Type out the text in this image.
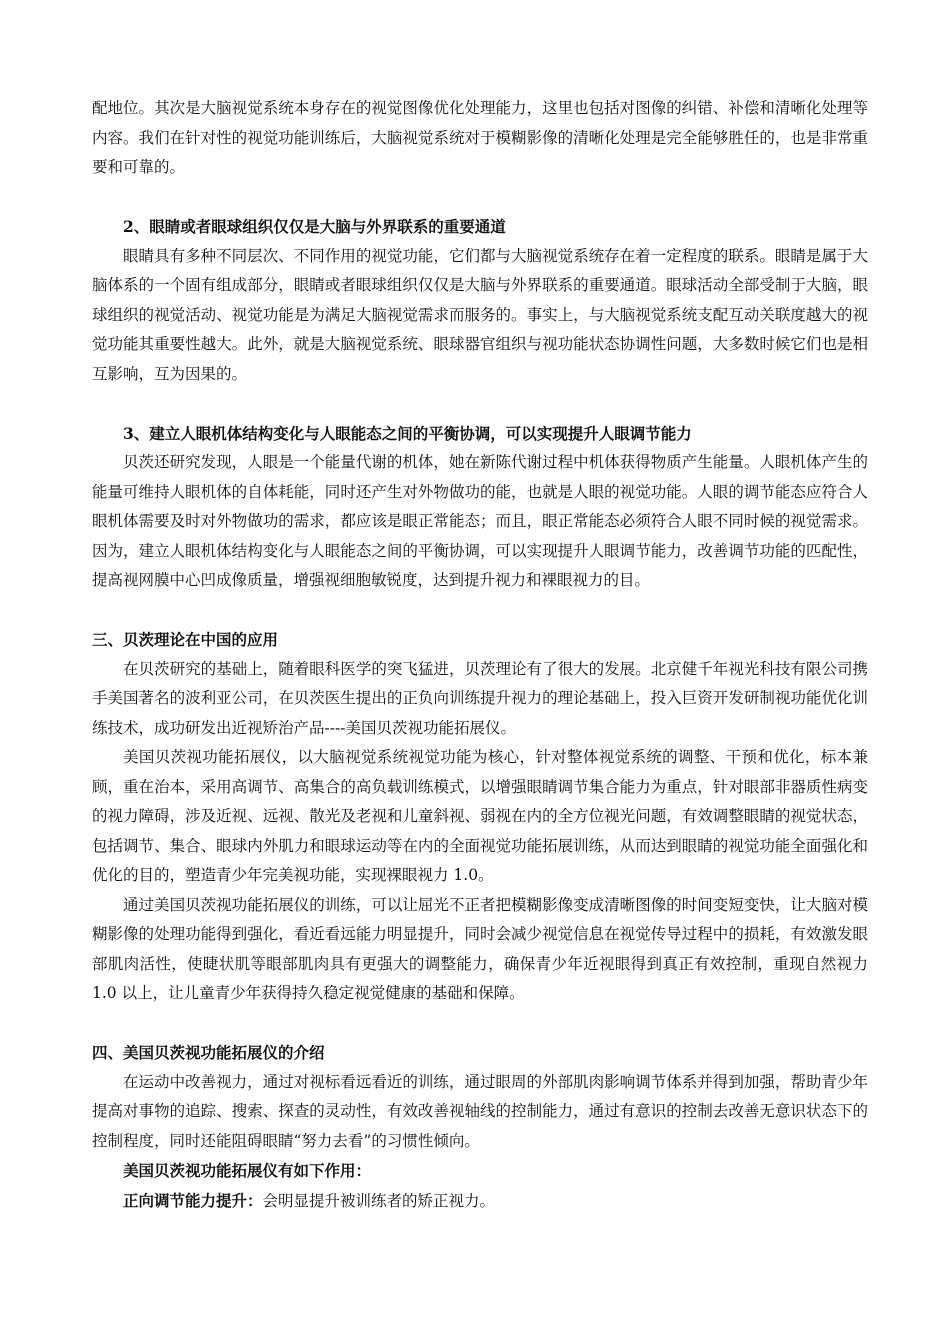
配地位。其次是大脑视觉系统本身存在的视觉图像优化处理能力，这里也包括对图像的纠错、补偿和清晰化处理等内容。我们在针对性的视觉功能训练后，大脑视觉系统对于模糊影像的清晰化处理是完全能够胜任的，也是非常重要和可靠的。

2、眼睛或者眼球组织仅仅是大脑与外界联系的重要通道

眼睛具有多种不同层次、不同作用的视觉功能，它们都与大脑视觉系统存在着一定程度的联系。眼睛是属于大脑体系的一个固有组成部分，眼睛或者眼球组织仅仅是大脑与外界联系的重要通道。眼球活动全部受制于大脑，眼球组织的视觉活动、视觉功能是为满足大脑视觉需求而服务的。事实上，与大脑视觉系统支配互动关联度越大的视觉功能其重要性越大。此外，就是大脑视觉系统、眼球器官组织与视功能状态协调性问题，大多数时候它们也是相互影响，互为因果的。

3、建立人眼机体结构变化与人眼能态之间的平衡协调，可以实现提升人眼调节能力

贝茨还研究发现，人眼是一个能量代谢的机体，她在新陈代谢过程中机体获得物质产生能量。人眼机体产生的能量可维持人眼机体的自体耗能，同时还产生对外物做功的能，也就是人眼的视觉功能。人眼的调节能态应符合人眼机体需要及时对外物做功的需求，都应该是眼正常能态；而且，眼正常能态必须符合人眼不同时候的视觉需求。因为，建立人眼机体结构变化与人眼能态之间的平衡协调，可以实现提升人眼调节能力，改善调节功能的匹配性，提高视网膜中心凹成像质量，增强视细胞敏锐度，达到提升视力和裸眼视力的目。

三、贝茨理论在中国的应用

在贝茨研究的基础上，随着眼科医学的突飞猛进，贝茨理论有了很大的发展。北京健千年视光科技有限公司携手美国著名的波利亚公司，在贝茨医生提出的正负向训练提升视力的理论基础上，投入巨资开发研制视功能优化训练技术，成功研发出近视矫治产品----美国贝茨视功能拓展仪。

美国贝茨视功能拓展仪，以大脑视觉系统视觉功能为核心，针对整体视觉系统的调整、干预和优化，标本兼顾，重在治本，采用高调节、高集合的高负载训练模式，以增强眼睛调节集合能力为重点，针对眼部非器质性病变的视力障碍，涉及近视、远视、散光及老视和儿童斜视、弱视在内的全方位视光问题，有效调整眼睛的视觉状态，包括调节、集合、眼球内外肌力和眼球运动等在内的全面视觉功能拓展训练，从而达到眼睛的视觉功能全面强化和优化的目的，塑造青少年完美视功能，实现裸眼视力 1.0。

通过美国贝茨视功能拓展仪的训练，可以让屈光不正者把模糊影像变成清晰图像的时间变短变快，让大脑对模糊影像的处理功能得到强化，看近看远能力明显提升，同时会减少视觉信息在视觉传导过程中的损耗，有效激发眼部肌肉活性，使睫状肌等眼部肌肉具有更强大的调整能力，确保青少年近视眼得到真正有效控制，重现自然视力 1.0 以上，让儿童青少年获得持久稳定视觉健康的基础和保障。

四、美国贝茨视功能拓展仪的介绍

在运动中改善视力，通过对视标看远看近的训练，通过眼周的外部肌肉影响调节体系并得到加强，帮助青少年提高对事物的追踪、搜索、探查的灵动性，有效改善视轴线的控制能力，通过有意识的控制去改善无意识状态下的控制程度，同时还能阻碍眼睛“努力去看”的习惯性倾向。

美国贝茨视功能拓展仪有如下作用：

正向调节能力提升：会明显提升被训练者的矫正视力。
